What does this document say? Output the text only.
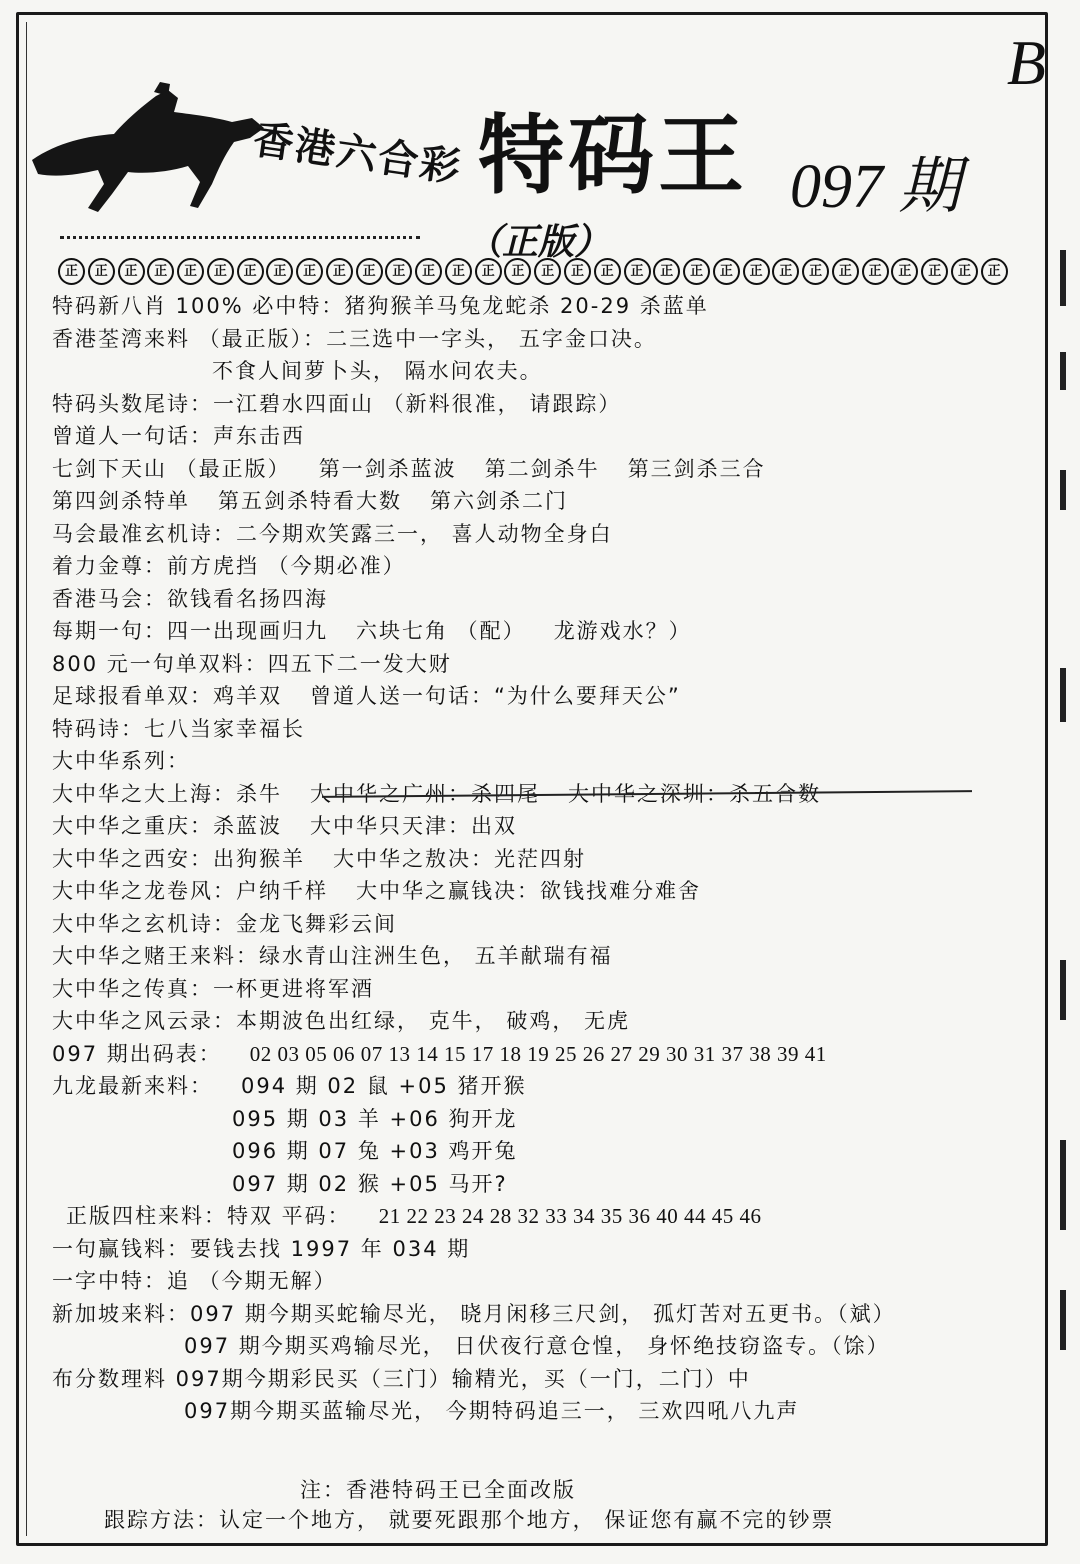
B
香港六合彩 特码王 097 期
（正版）
正	正	正	正	正	正	正	正	正	正	正	正	正	正	正	正	正	正	正	正	正	正	正	正	正	正	正	正	正	正	正	正
特码新八肖 100% 必中特：猪狗猴羊马兔龙蛇杀 20-29 杀蓝单
香港荃湾来料 （最正版）：二三选中一字头， 五字金口决。
不食人间萝卜头， 隔水问农夫。
特码头数尾诗：一江碧水四面山 （新料很准， 请跟踪）
曾道人一句话：声东击西
七剑下天山 （最正版） 第一剑杀蓝波 第二剑杀牛 第三剑杀三合
第四剑杀特单 第五剑杀特看大数 第六剑杀二门
马会最准玄机诗：二今期欢笑露三一， 喜人动物全身白
着力金尊：前方虎挡 （今期必准）
香港马会：欲钱看名扬四海
每期一句：四一出现画归九 六块七角 （配） 龙游戏水？）
800 元一句单双料：四五下二一发大财
足球报看单双：鸡羊双 曾道人送一句话：“为什么要拜天公”
特码诗：七八当家幸福长
大中华系列：
大中华之大上海：杀牛 大中华之广州：杀四尾 大中华之深圳：杀五合数
大中华之重庆：杀蓝波 大中华只天津：出双
大中华之西安：出狗猴羊 大中华之敖决：光茫四射
大中华之龙卷风：户纳千样 大中华之赢钱决：欲钱找难分难舍
大中华之玄机诗：金龙飞舞彩云间
大中华之赌王来料：绿水青山注洲生色， 五羊献瑞有福
大中华之传真：一杯更进将军酒
大中华之风云录：本期波色出红绿， 克牛， 破鸡， 无虎
097 期出码表： 02 03 05 06 07 13 14 15 17 18 19 25 26 27 29 30 31 37 38 39 41
九龙最新来料： 094 期 02 鼠 +05 猪开猴
095 期 03 羊 +06 狗开龙
096 期 07 兔 +03 鸡开兔
097 期 02 猴 +05 马开?
正版四柱来料：特双 平码： 21 22 23 24 28 32 33 34 35 36 40 44 45 46
一句赢钱料：要钱去找 1997 年 034 期
一字中特：追 （今期无解）
新加坡来料：097 期今期买蛇输尽光， 晓月闲移三尺剑， 孤灯苦对五更书。（斌）
097 期今期买鸡输尽光， 日伏夜行意仓惶， 身怀绝技窃盗专。（馀）
布分数理料 097期今期彩民买（三门）输精光，买（一门，二门）中
097期今期买蓝输尽光， 今期特码追三一， 三欢四吼八九声
注：香港特码王已全面改版
跟踪方法：认定一个地方， 就要死跟那个地方， 保证您有赢不完的钞票
